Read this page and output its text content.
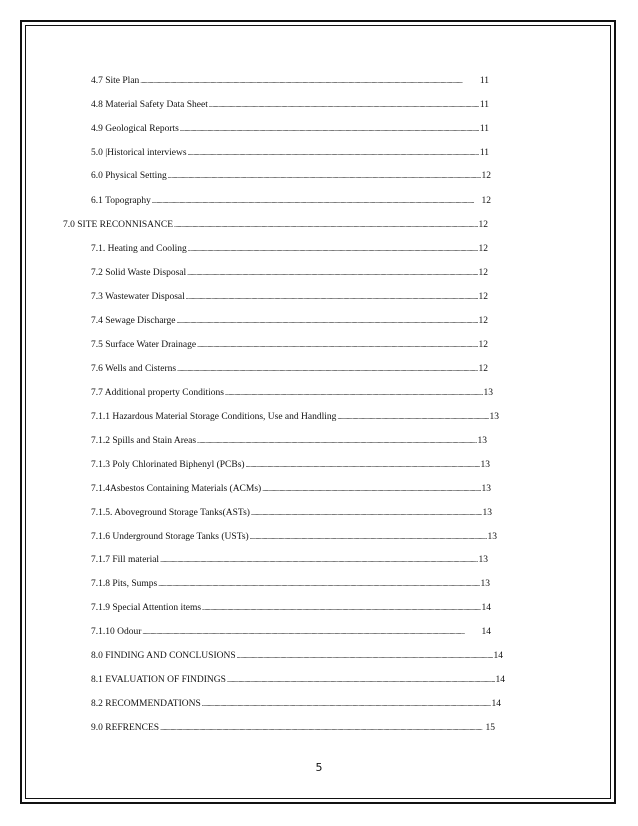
4.7 Site Plan .....	11
4.8 Material Safety Data Sheet .....	11
4.9 Geological Reports .....	11
5.0 |Historical interviews .....	11
6.0 Physical Setting .....	12
6.1 Topography .....	12
7.0 SITE RECONNISANCE .....	12
7.1. Heating and Cooling .....	12
7.2 Solid Waste Disposal .....	12
7.3 Wastewater Disposal .....	12
7.4 Sewage Discharge .....	12
7.5 Surface Water Drainage .....	12
7.6 Wells and Cisterns .....	12
7.7 Additional property Conditions .....	13
7.1.1 Hazardous Material Storage Conditions, Use and Handling .....	13
7.1.2 Spills and Stain Areas .....	13
7.1.3 Poly Chlorinated Biphenyl (PCBs) .....	13
7.1.4Asbestos Containing Materials (ACMs) .....	13
7.1.5. Aboveground Storage Tanks(ASTs) .....	13
7.1.6 Underground Storage Tanks (USTs) .....	13
7.1.7 Fill material .....	13
7.1.8 Pits, Sumps .....	13
7.1.9 Special Attention items .....	14
7.1.10 Odour .....	14
8.0 FINDING AND CONCLUSIONS .....	14
8.1 EVALUATION OF FINDINGS .....	14
8.2 RECOMMENDATIONS .....	14
9.0 REFRENCES .....	15
5
